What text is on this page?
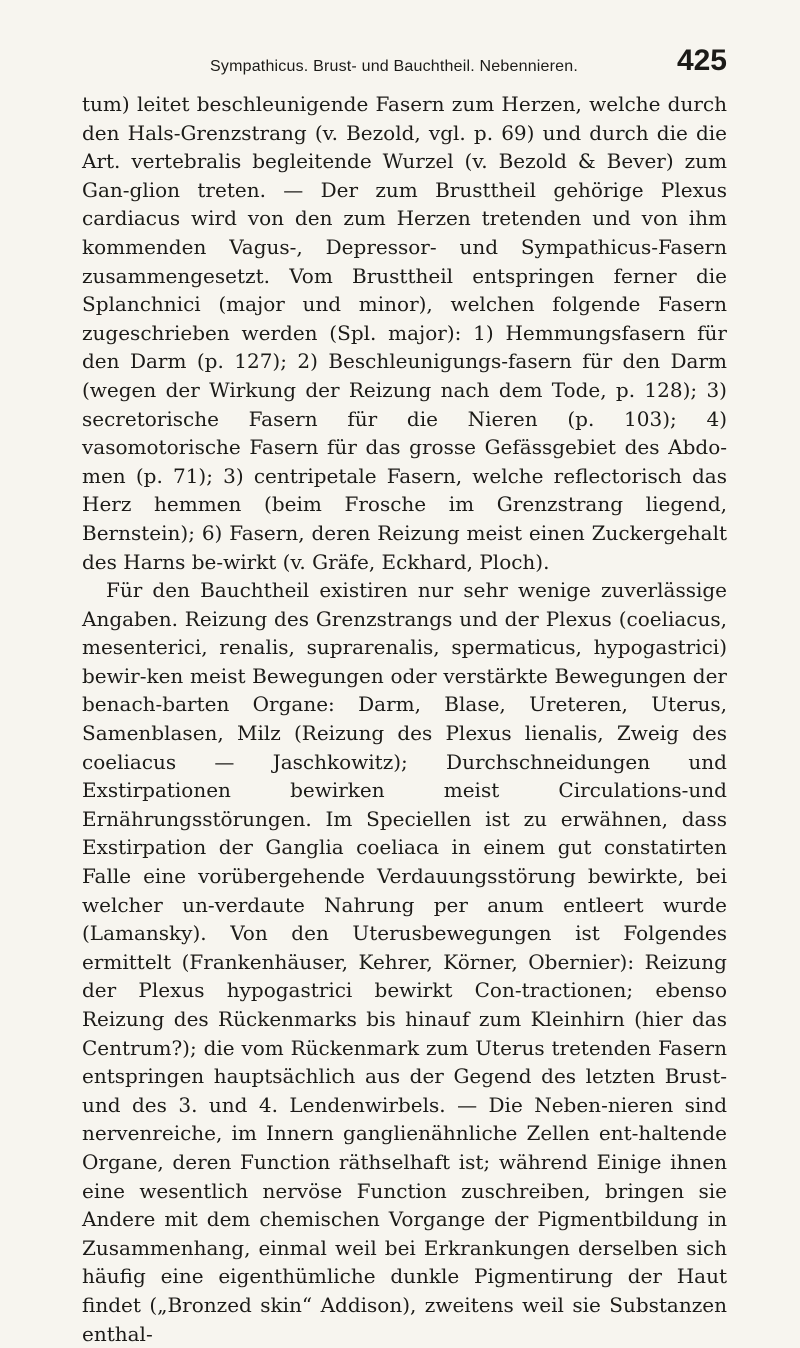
Sympathicus. Brust- und Bauchtheil. Nebennieren.	425

tum) leitet beschleunigende Fasern zum Herzen, welche durch den Hals-Grenzstrang (v. Bezold, vgl. p. 69) und durch die die Art. vertebralis begleitende Wurzel (v. Bezold & Bever) zum Gan-glion treten. — Der zum Brusttheil gehörige Plexus cardiacus wird von den zum Herzen tretenden und von ihm kommenden Vagus-, Depressor- und Sympathicus-Fasern zusammengesetzt. Vom Brusttheil entspringen ferner die Splanchnici (major und minor), welchen folgende Fasern zugeschrieben werden (Spl. major): 1) Hemmungsfasern für den Darm (p. 127); 2) Beschleunigungs-fasern für den Darm (wegen der Wirkung der Reizung nach dem Tode, p. 128); 3) secretorische Fasern für die Nieren (p. 103); 4) vasomotorische Fasern für das grosse Gefässgebiet des Abdo-men (p. 71); 3) centripetale Fasern, welche reflectorisch das Herz hemmen (beim Frosche im Grenzstrang liegend, Bernstein); 6) Fasern, deren Reizung meist einen Zuckergehalt des Harns be-wirkt (v. Gräfe, Eckhard, Ploch).

Für den Bauchtheil existiren nur sehr wenige zuverlässige Angaben. Reizung des Grenzstrangs und der Plexus (coeliacus, mesenterici, renalis, suprarenalis, spermaticus, hypogastrici) bewir-ken meist Bewegungen oder verstärkte Bewegungen der benach-barten Organe: Darm, Blase, Ureteren, Uterus, Samenblasen, Milz (Reizung des Plexus lienalis, Zweig des coeliacus — Jaschkowitz); Durchschneidungen und Exstirpationen bewirken meist Circulations-und Ernährungsstörungen. Im Speciellen ist zu erwähnen, dass Exstirpation der Ganglia coeliaca in einem gut constatirten Falle eine vorübergehende Verdauungsstörung bewirkte, bei welcher un-verdaute Nahrung per anum entleert wurde (Lamansky). Von den Uterusbewegungen ist Folgendes ermittelt (Frankenhäuser, Kehrer, Körner, Obernier): Reizung der Plexus hypogastrici bewirkt Con-tractionen; ebenso Reizung des Rückenmarks bis hinauf zum Kleinhirn (hier das Centrum?); die vom Rückenmark zum Uterus tretenden Fasern entspringen hauptsächlich aus der Gegend des letzten Brust- und des 3. und 4. Lendenwirbels. — Die Neben-nieren sind nervenreiche, im Innern ganglienähnliche Zellen ent-haltende Organe, deren Function räthselhaft ist; während Einige ihnen eine wesentlich nervöse Function zuschreiben, bringen sie Andere mit dem chemischen Vorgange der Pigmentbildung in Zusammenhang, einmal weil bei Erkrankungen derselben sich häufig eine eigenthümliche dunkle Pigmentirung der Haut findet („Bronzed skin“ Addison), zweitens weil sie Substanzen enthal-
